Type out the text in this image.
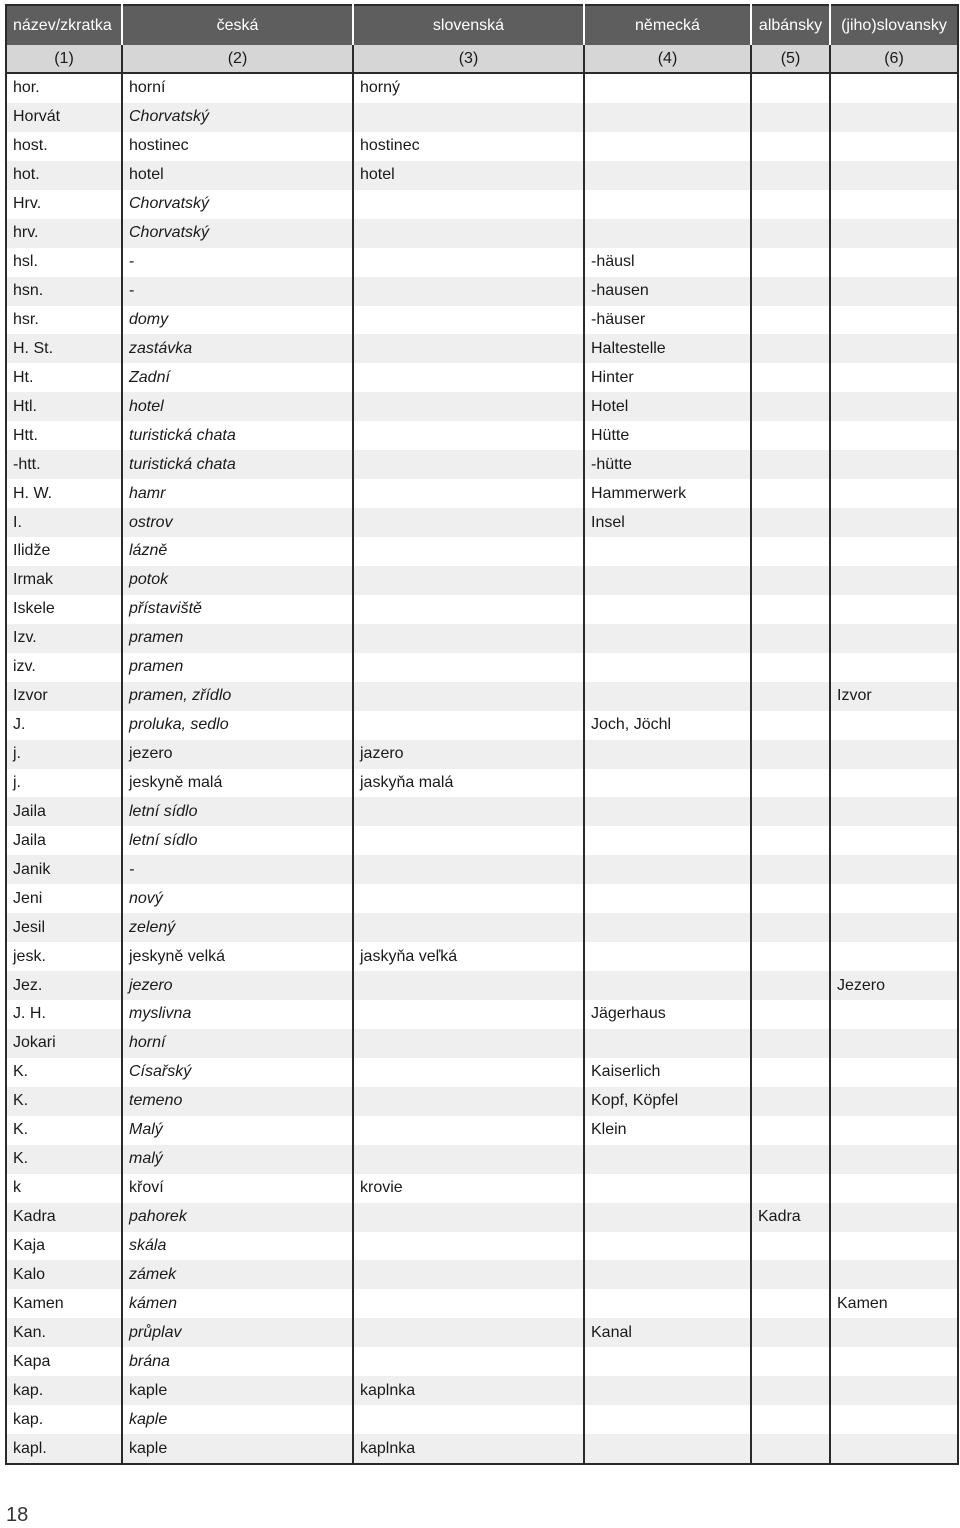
název/zkratka	česká	slovenská	německá	albánsky	(jiho)slovansky
(1)	(2)	(3)	(4)	(5)	(6)
hor.	horní	horný			
Horvát	Chorvatský				
host.	hostinec	hostinec			
hot.	hotel	hotel			
Hrv.	Chorvatský				
hrv.	Chorvatský				
hsl.	-		-häusl		
hsn.	-		-hausen		
hsr.	domy		-häuser		
H. St.	zastávka		Haltestelle		
Ht.	Zadní		Hinter		
Htl.	hotel		Hotel		
Htt.	turistická chata		Hütte		
-htt.	turistická chata		-hütte		
H. W.	hamr		Hammerwerk		
I.	ostrov		Insel		
Ilidže	lázně				
Irmak	potok				
Iskele	přístaviště				
Izv.	pramen				
izv.	pramen				
Izvor	pramen, zřídlo				Izvor
J.	proluka, sedlo		Joch, Jöchl		
j.	jezero	jazero			
j.	jeskyně malá	jaskyňa malá			
Jaila	letní sídlo				
Jaila	letní sídlo				
Janik	-				
Jeni	nový				
Jesil	zelený				
jesk.	jeskyně velká	jaskyňa veľká			
Jez.	jezero				Jezero
J. H.	myslivna		Jägerhaus		
Jokari	horní				
K.	Císařský		Kaiserlich		
K.	temeno		Kopf, Köpfel		
K.	Malý		Klein		
K.	malý				
k	křoví	krovie			
Kadra	pahorek			Kadra	
Kaja	skála				
Kalo	zámek				
Kamen	kámen				Kamen
Kan.	průplav		Kanal		
Kapa	brána				
kap.	kaple	kaplnka			
kap.	kaple				
kapl.	kaple	kaplnka			
18
